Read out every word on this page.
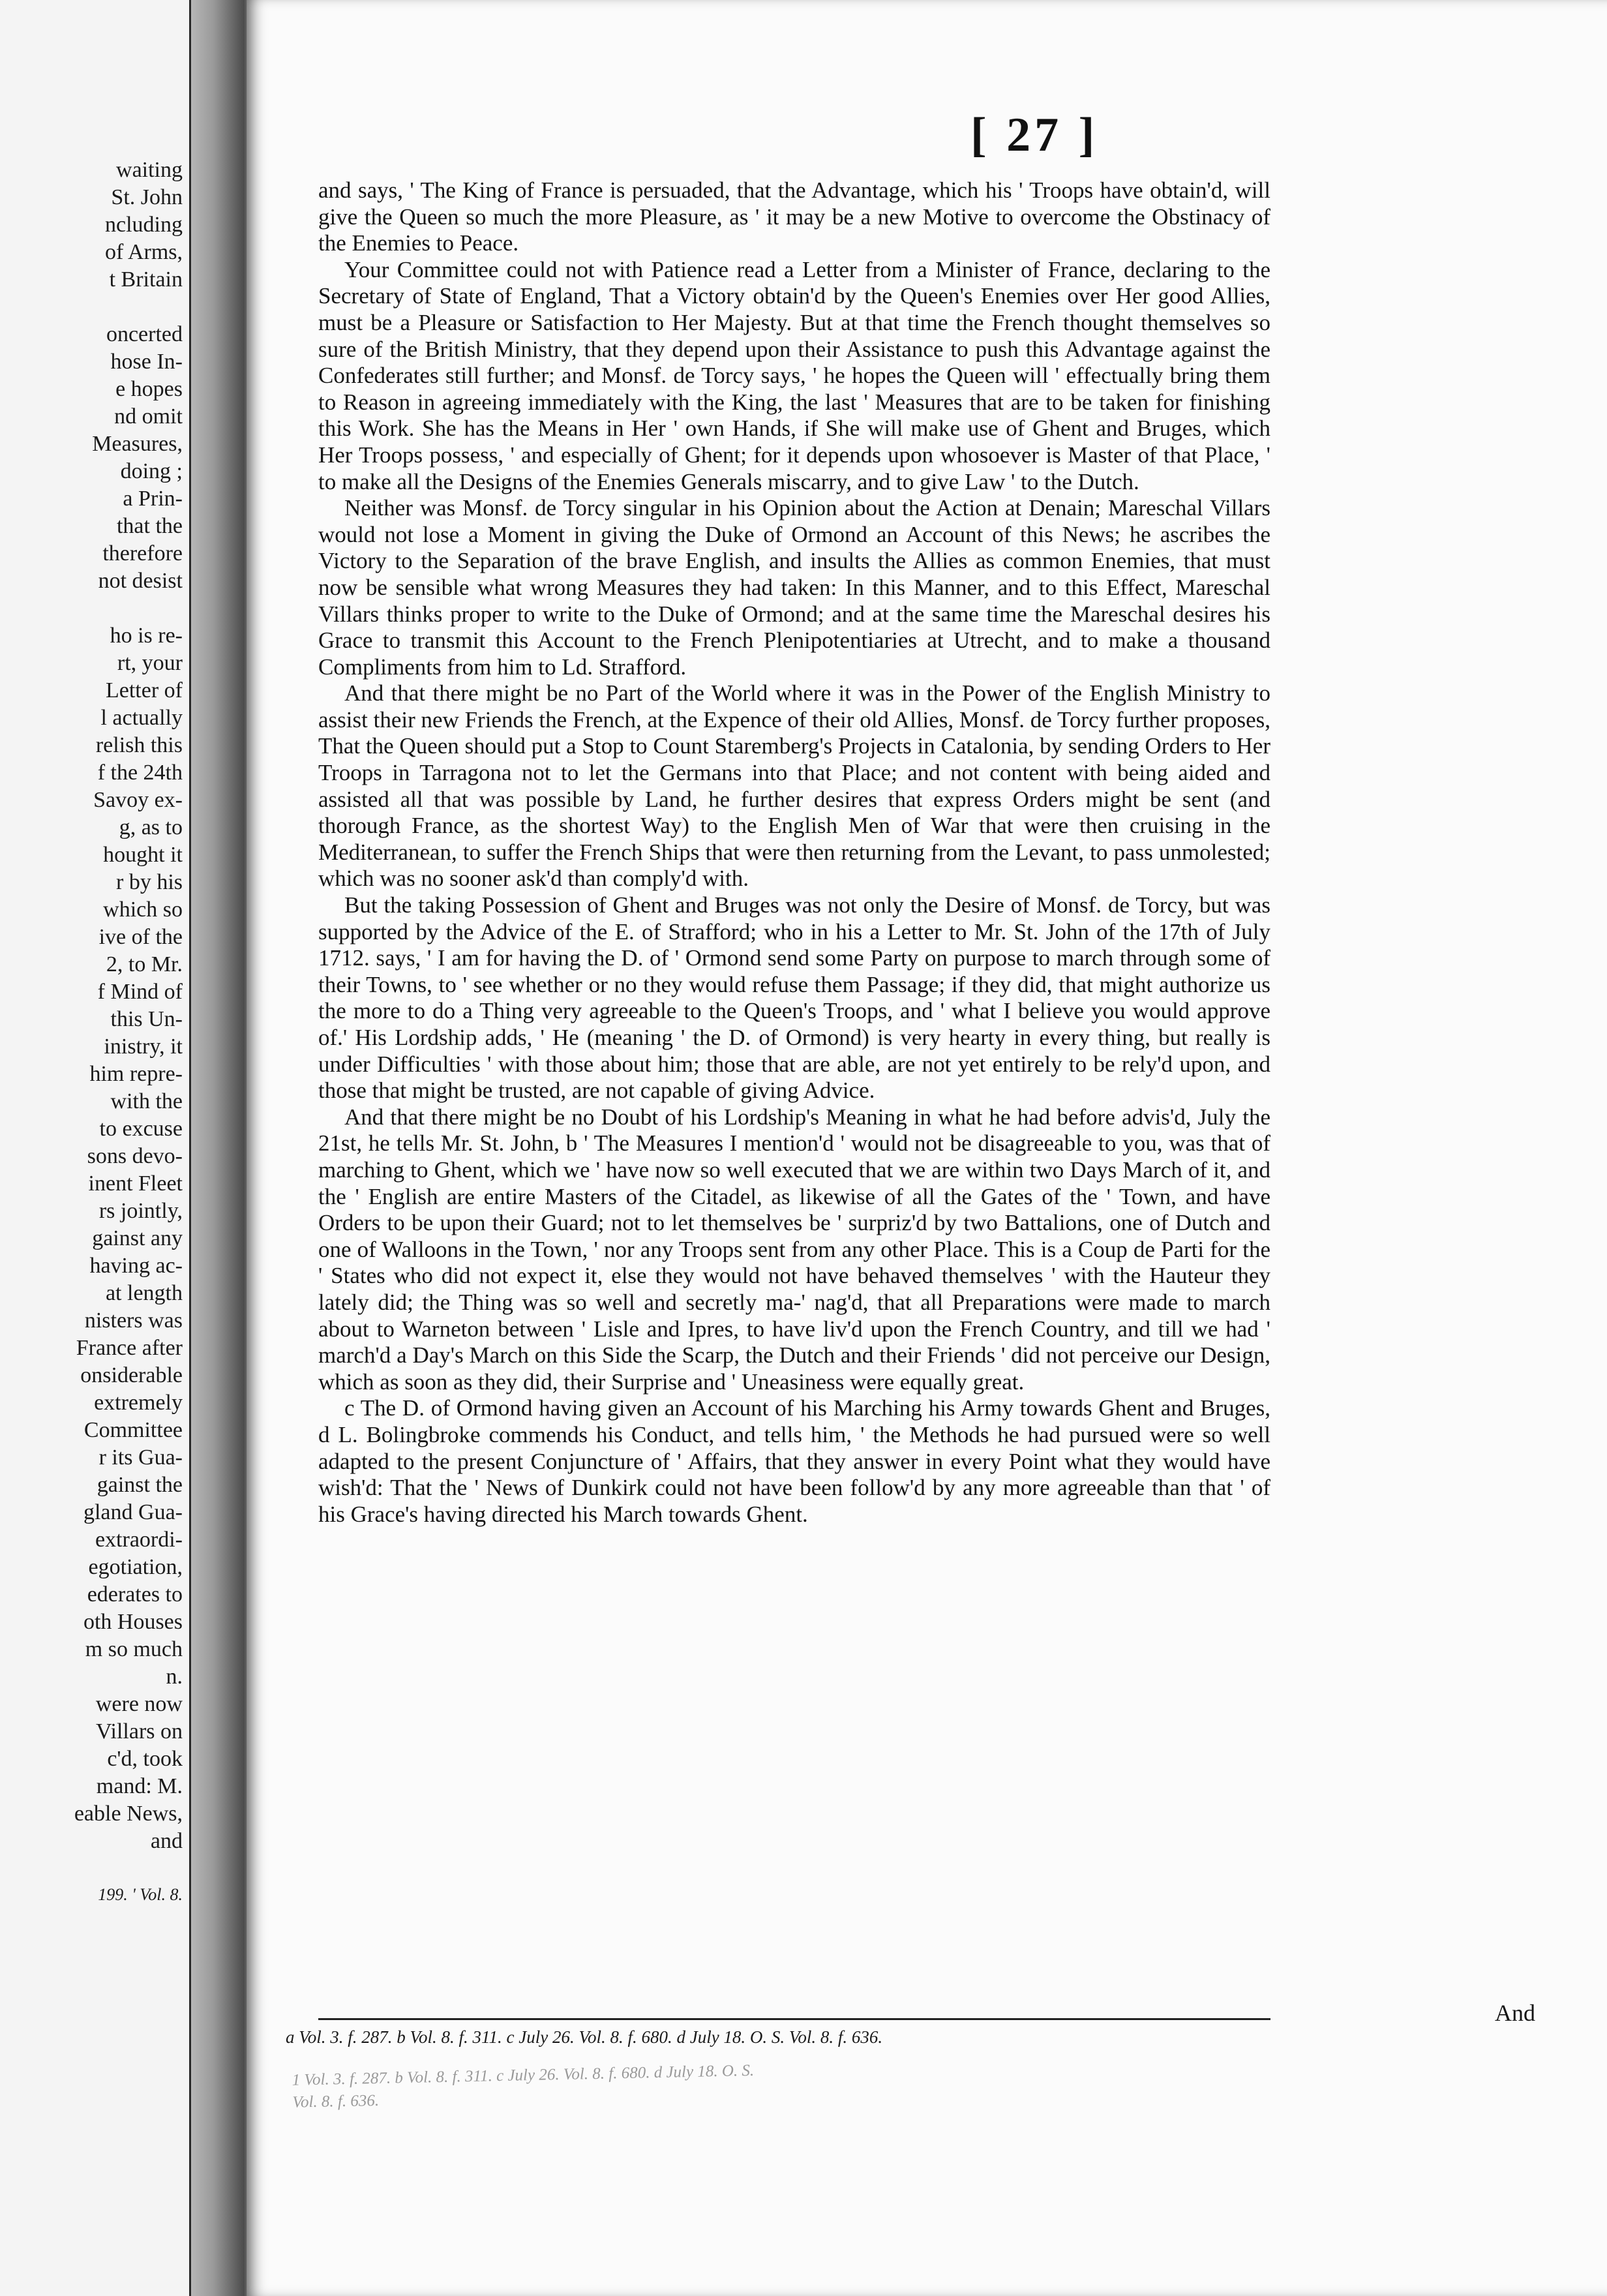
waiting
St. John
ncluding
of Arms,
t Britain

oncerted
hose In-
e hopes
nd omit
Measures,
doing ;
a Prin-
that the
therefore
not desist

ho is re-
rt, your
Letter of
l actually
relish this
f the 24th
Savoy ex-
g, as to
hought it
r by his
which so
ive of the
2, to Mr.
f Mind of
this Un-
inistry, it
him repre-
with the
to excuse
sons devo-
inent Fleet
rs jointly,
gainst any
having ac-
at length
nisters was
France after
onsiderable
extremely
Committee
r its Gua-
gainst the
gland Gua-
extraordi-
egotiation,
ederates to
oth Houses
m so much
n.
were now
Villars on
c'd, took
mand: M.
eable News,
and
199. ' Vol. 8.
[ 27 ]

and says, ' The King of France is persuaded, that the Advantage, which his ' Troops have obtain'd, will give the Queen so much the more Pleasure, as ' it may be a new Motive to overcome the Obstinacy of the Enemies to Peace.

Your Committee could not with Patience read a Letter from a Minister of France, declaring to the Secretary of State of England, That a Victory obtain'd by the Queen's Enemies over Her good Allies, must be a Pleasure or Satisfaction to Her Majesty. But at that time the French thought themselves so sure of the British Ministry, that they depend upon their Assistance to push this Advantage against the Confederates still further; and Monsf. de Torcy says, ' he hopes the Queen will ' effectually bring them to Reason in agreeing immediately with the King, the last ' Measures that are to be taken for finishing this Work. She has the Means in Her ' own Hands, if She will make use of Ghent and Bruges, which Her Troops possess, ' and especially of Ghent; for it depends upon whosoever is Master of that Place, ' to make all the Designs of the Enemies Generals miscarry, and to give Law ' to the Dutch.

Neither was Monsf. de Torcy singular in his Opinion about the Action at Denain; Mareschal Villars would not lose a Moment in giving the Duke of Ormond an Account of this News; he ascribes the Victory to the Separation of the brave English, and insults the Allies as common Enemies, that must now be sensible what wrong Measures they had taken: In this Manner, and to this Effect, Mareschal Villars thinks proper to write to the Duke of Ormond; and at the same time the Mareschal desires his Grace to transmit this Account to the French Plenipotentiaries at Utrecht, and to make a thousand Compliments from him to Ld. Strafford.

And that there might be no Part of the World where it was in the Power of the English Ministry to assist their new Friends the French, at the Expence of their old Allies, Monsf. de Torcy further proposes, That the Queen should put a Stop to Count Staremberg's Projects in Catalonia, by sending Orders to Her Troops in Tarragona not to let the Germans into that Place; and not content with being aided and assisted all that was possible by Land, he further desires that express Orders might be sent (and thorough France, as the shortest Way) to the English Men of War that were then cruising in the Mediterranean, to suffer the French Ships that were then returning from the Levant, to pass unmolested; which was no sooner ask'd than comply'd with.

But the taking Possession of Ghent and Bruges was not only the Desire of Monsf. de Torcy, but was supported by the Advice of the E. of Strafford; who in his a Letter to Mr. St. John of the 17th of July 1712. says, ' I am for having the D. of ' Ormond send some Party on purpose to march through some of their Towns, to ' see whether or no they would refuse them Passage; if they did, that might authorize us the more to do a Thing very agreeable to the Queen's Troops, and ' what I believe you would approve of.' His Lordship adds, ' He (meaning ' the D. of Ormond) is very hearty in every thing, but really is under Difficulties ' with those about him; those that are able, are not yet entirely to be rely'd upon, and those that might be trusted, are not capable of giving Advice.

And that there might be no Doubt of his Lordship's Meaning in what he had before advis'd, July the 21st, he tells Mr. St. John, b ' The Measures I mention'd ' would not be disagreeable to you, was that of marching to Ghent, which we ' have now so well executed that we are within two Days March of it, and the ' English are entire Masters of the Citadel, as likewise of all the Gates of the ' Town, and have Orders to be upon their Guard; not to let themselves be ' surpriz'd by two Battalions, one of Dutch and one of Walloons in the Town, ' nor any Troops sent from any other Place. This is a Coup de Parti for the ' States who did not expect it, else they would not have behaved themselves ' with the Hauteur they lately did; the Thing was so well and secretly ma-' nag'd, that all Preparations were made to march about to Warneton between ' Lisle and Ipres, to have liv'd upon the French Country, and till we had ' march'd a Day's March on this Side the Scarp, the Dutch and their Friends ' did not perceive our Design, which as soon as they did, their Surprise and ' Uneasiness were equally great.

c The D. of Ormond having given an Account of his Marching his Army towards Ghent and Bruges, d L. Bolingbroke commends his Conduct, and tells him, ' the Methods he had pursued were so well adapted to the present Conjuncture of ' Affairs, that they answer in every Point what they would have wish'd: That the ' News of Dunkirk could not have been follow'd by any more agreeable than that ' of his Grace's having directed his March towards Ghent.

And
a Vol. 3. f. 287. b Vol. 8. f. 311. c July 26. Vol. 8. f. 680. d July 18. O. S. Vol. 8. f. 636.
1 Vol. 3. f. 287. b Vol. 8. f. 311. c July 26. Vol. 8. f. 680. d July 18. O. S.
Vol. 8. f. 636.
